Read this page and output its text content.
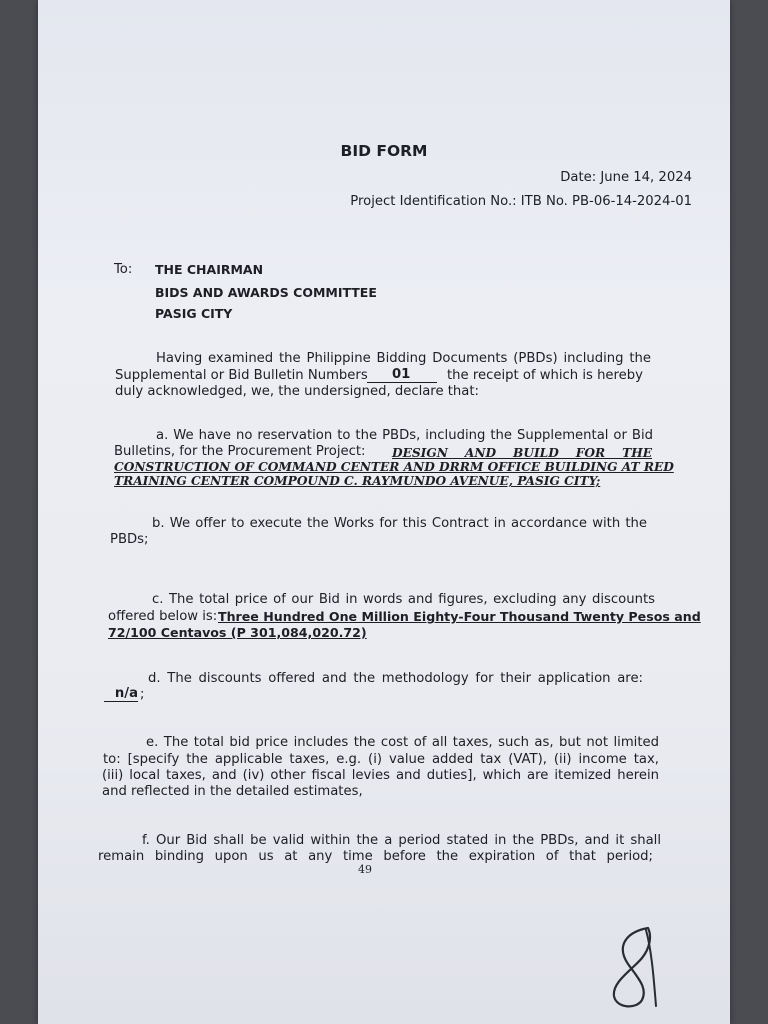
BID FORM
Date: June 14, 2024
Project Identification No.: ITB No. PB-06-14-2024-01
To: THE CHAIRMAN
BIDS AND AWARDS COMMITTEE
PASIG CITY
Having examined the Philippine Bidding Documents (PBDs) including the
Supplemental or Bid Bulletin Numbers	01	the receipt of which is hereby
duly acknowledged, we, the undersigned, declare that:
a. We have no reservation to the PBDs, including the Supplemental or Bid
Bulletins, for the Procurement Project: DESIGN AND BUILD FOR THE
CONSTRUCTION OF COMMAND CENTER AND DRRM OFFICE BUILDING AT RED
TRAINING CENTER COMPOUND C. RAYMUNDO AVENUE, PASIG CITY;
b. We offer to execute the Works for this Contract in accordance with the
PBDs;
c. The total price of our Bid in words and figures, excluding any discounts
offered below is: Three Hundred One Million Eighty-Four Thousand Twenty Pesos and
72/100 Centavos (P 301,084,020.72)
d. The discounts offered and the methodology for their application are:
n/a ;
e. The total bid price includes the cost of all taxes, such as, but not limited
to: [specify the applicable taxes, e.g. (i) value added tax (VAT), (ii) income tax,
(iii) local taxes, and (iv) other fiscal levies and duties], which are itemized herein
and reflected in the detailed estimates,
f. Our Bid shall be valid within the a period stated in the PBDs, and it shall
remain binding upon us at any time before the expiration of that period;
49
